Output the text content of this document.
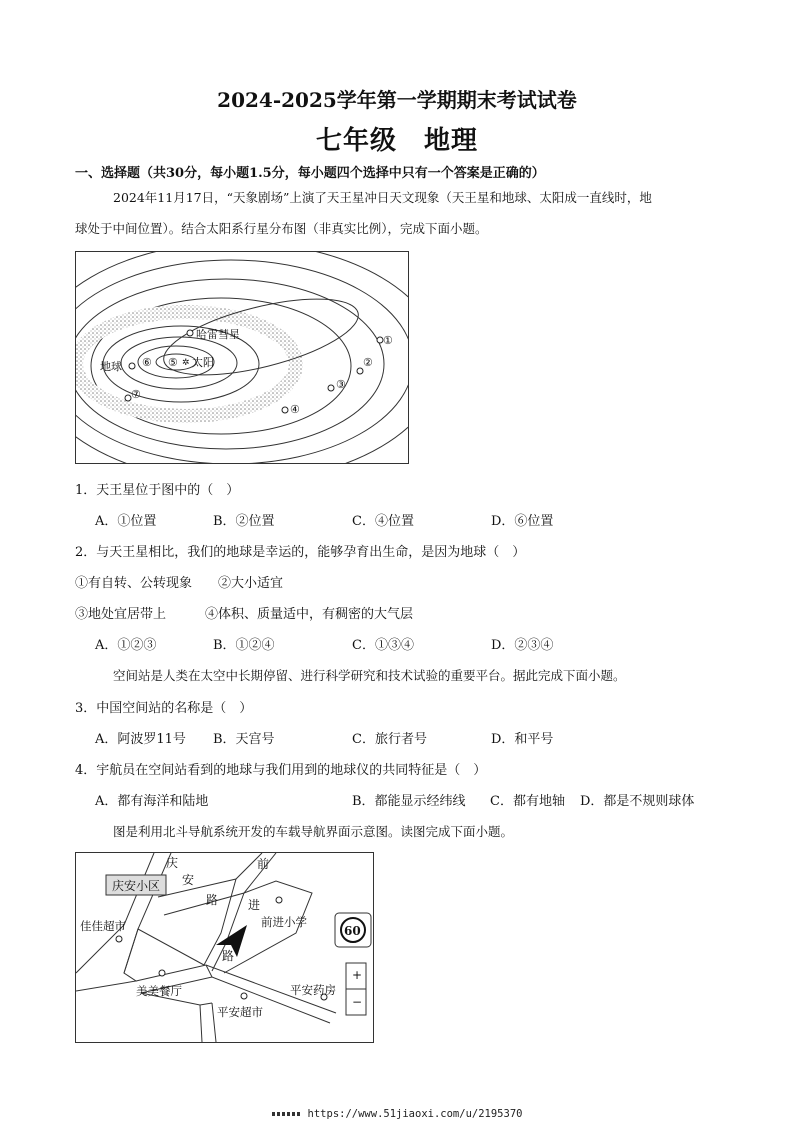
2024-2025学年第一学期期末考试试卷
七年级　地理
一、选择题（共30分，每小题1.5分，每小题四个选择中只有一个答案是正确的）
2024年11月17日，“天象剧场”上演了天王星冲日天文现象（天王星和地球、太阳成一直线时，地
球处于中间位置）。结合太阳系行星分布图（非真实比例），完成下面小题。
①
②
③
④
哈雷彗星
地球 ⑥ ⑤ ✲ 太阳
⑦
1．天王星位于图中的（　）
A．①位置	B．②位置	C．④位置	D．⑥位置
2．与天王星相比，我们的地球是幸运的，能够孕育出生命，是因为地球（　）
①有自转、公转现象　　②大小适宜
③地处宜居带上　　　④体积、质量适中，有稠密的大气层
A．①②③	B．①②④	C．①③④	D．②③④
空间站是人类在太空中长期停留、进行科学研究和技术试验的重要平台。据此完成下面小题。
3．中国空间站的名称是（　）
A．阿波罗11号 B．天宫号	C．旅行者号	D．和平号
4．宇航员在空间站看到的地球与我们用到的地球仪的共同特征是（　）
A．都有海洋和陆地	B．都能显示经纬线 C．都有地轴 D．都是不规则球体
图是利用北斗导航系统开发的车载导航界面示意图。读图完成下面小题。
庆安小区
庆
安
路
前
进
路
佳佳超市	前进小学
美美餐厅	平安药房
平安超市
60
+
−
https://www.51jiaoxi.com/u/2195370
